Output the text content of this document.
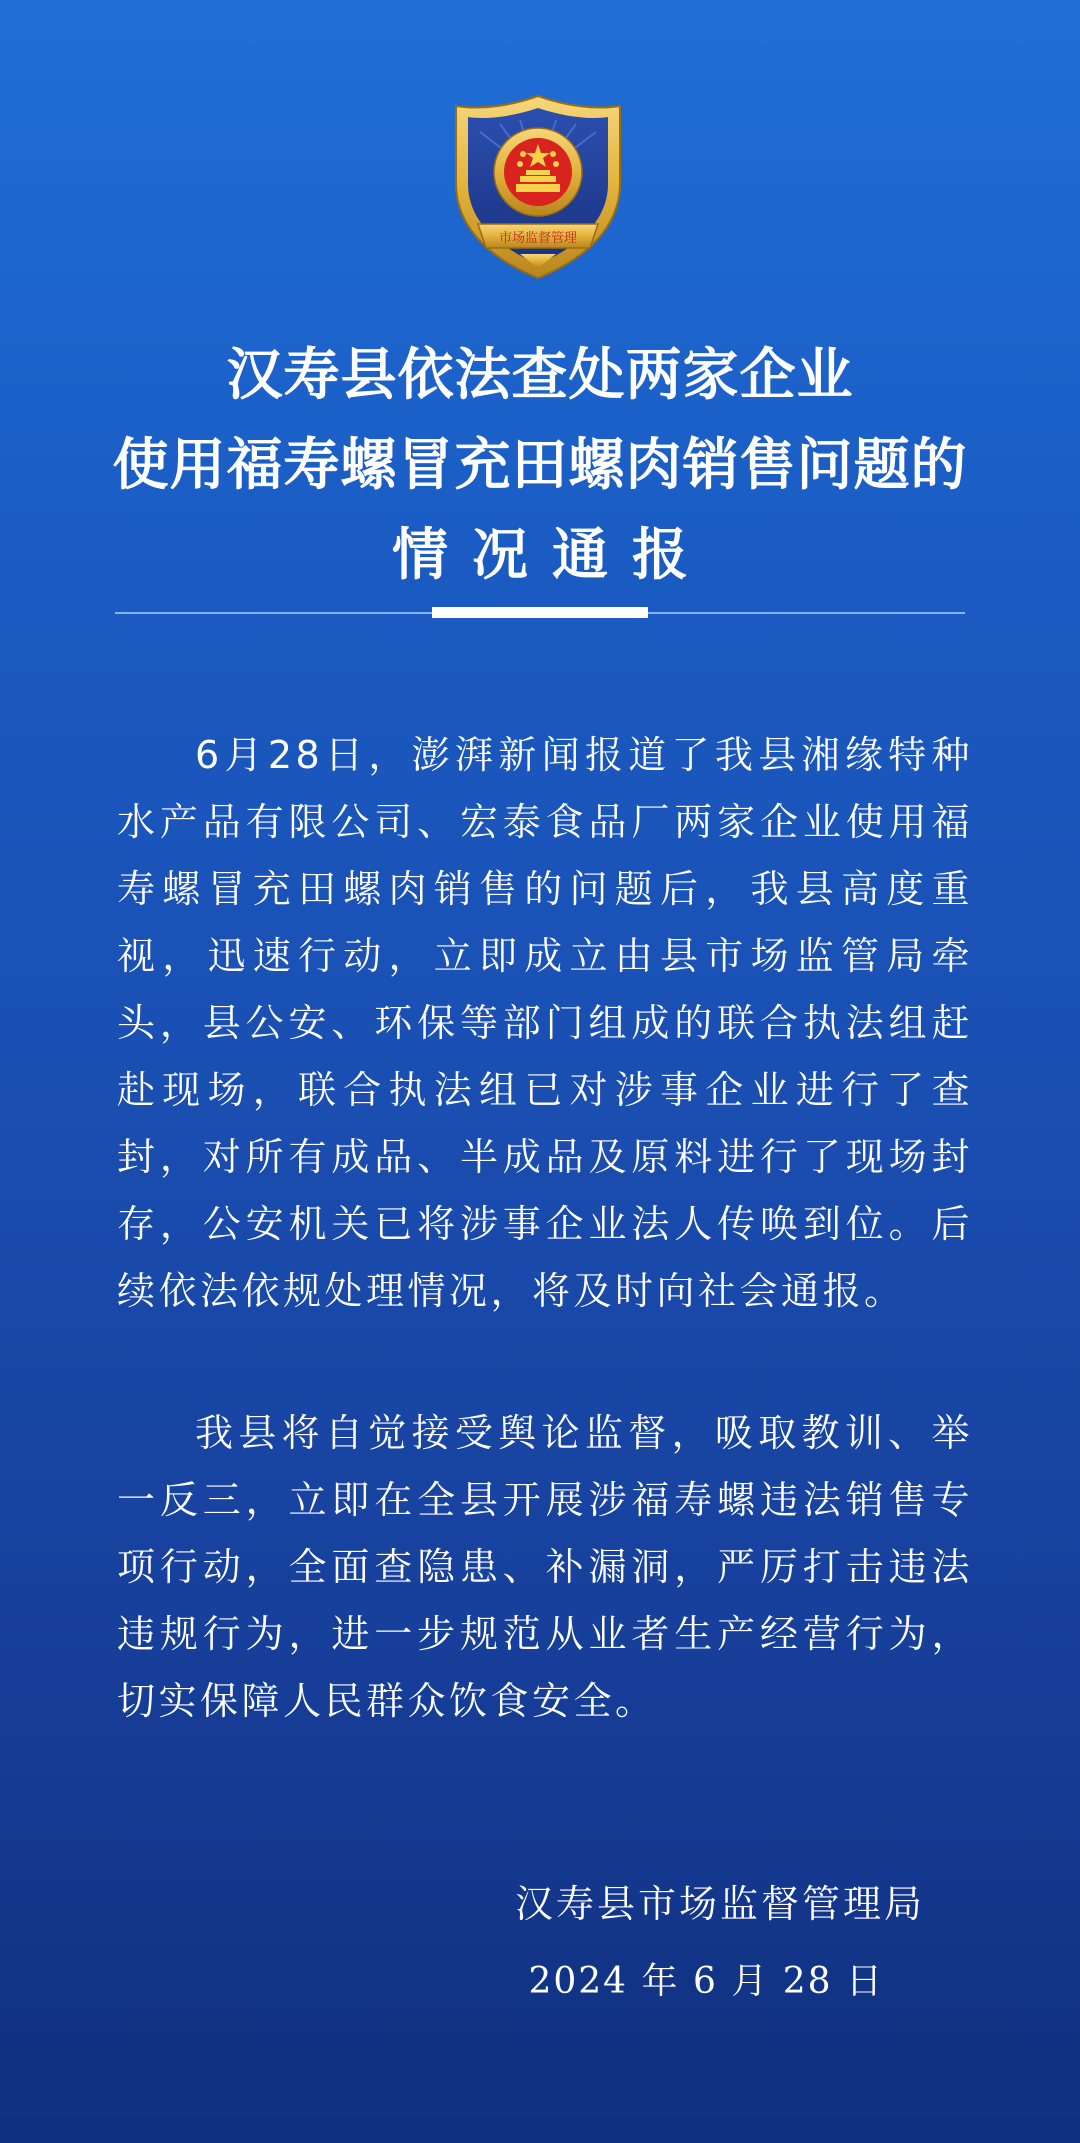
市场监督管理
汉寿县依法查处两家企业
使用福寿螺冒充田螺肉销售问题的
情况通报

6月28日，澎湃新闻报道了我县湘缘特种水产品有限公司、宏泰食品厂两家企业使用福寿螺冒充田螺肉销售的问题后，我县高度重视，迅速行动，立即成立由县市场监管局牵头，县公安、环保等部门组成的联合执法组赶赴现场，联合执法组已对涉事企业进行了查封，对所有成品、半成品及原料进行了现场封存，公安机关已将涉事企业法人传唤到位。后续依法依规处理情况，将及时向社会通报。

我县将自觉接受舆论监督，吸取教训、举一反三，立即在全县开展涉福寿螺违法销售专项行动，全面查隐患、补漏洞，严厉打击违法违规行为，进一步规范从业者生产经营行为，切实保障人民群众饮食安全。

汉寿县市场监督管理局
2024 年 6 月 28 日
